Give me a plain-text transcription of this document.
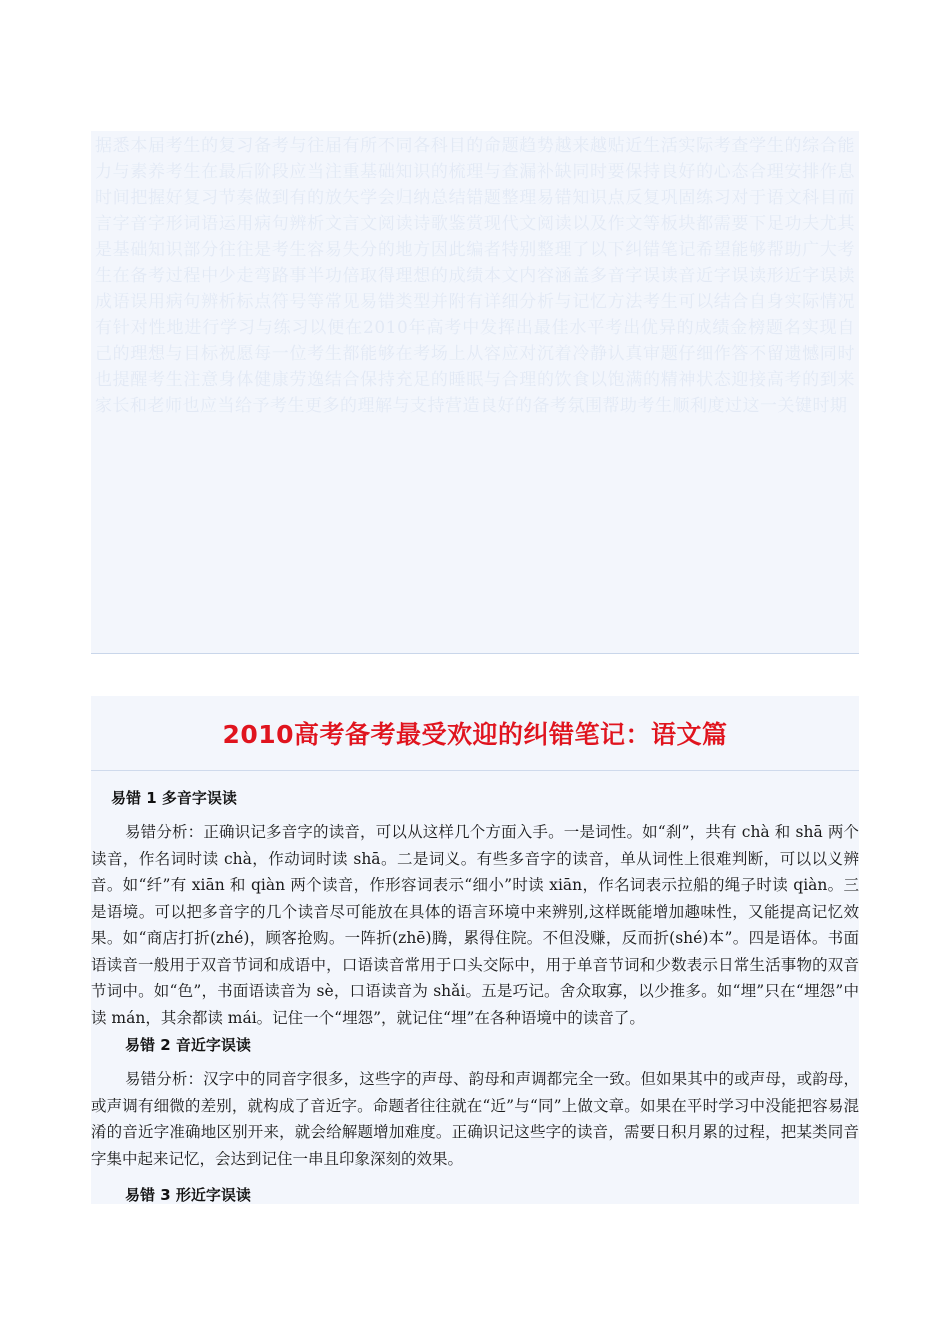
据悉本届考生的复习备考与往届有所不同各科目的命题趋势越来越贴近生活实际考查学生的综合能力与素养考生在最后阶段应当注重基础知识的梳理与查漏补缺同时要保持良好的心态合理安排作息时间把握好复习节奏做到有的放矢学会归纳总结错题整理易错知识点反复巩固练习对于语文科目而言字音字形词语运用病句辨析文言文阅读诗歌鉴赏现代文阅读以及作文等板块都需要下足功夫尤其是基础知识部分往往是考生容易失分的地方因此编者特别整理了以下纠错笔记希望能够帮助广大考生在备考过程中少走弯路事半功倍取得理想的成绩本文内容涵盖多音字误读音近字误读形近字误读成语误用病句辨析标点符号等常见易错类型并附有详细分析与记忆方法考生可以结合自身实际情况有针对性地进行学习与练习以便在2010年高考中发挥出最佳水平考出优异的成绩金榜题名实现自己的理想与目标祝愿每一位考生都能够在考场上从容应对沉着冷静认真审题仔细作答不留遗憾同时也提醒考生注意身体健康劳逸结合保持充足的睡眠与合理的饮食以饱满的精神状态迎接高考的到来家长和老师也应当给予考生更多的理解与支持营造良好的备考氛围帮助考生顺利度过这一关键时期
2010高考备考最受欢迎的纠错笔记：语文篇
易错 1 多音字误读
易错分析：正确识记多音字的读音，可以从这样几个方面入手。一是词性。如“刹”，共有 chà 和 shā 两个读音，作名词时读 chà，作动词时读 shā。二是词义。有些多音字的读音，单从词性上很难判断，可以以义辨音。如“纤”有 xiān 和 qiàn 两个读音，作形容词表示“细小”时读 xiān，作名词表示拉船的绳子时读 qiàn。三是语境。可以把多音字的几个读音尽可能放在具体的语言环境中来辨别,这样既能增加趣味性，又能提高记忆效果。如“商店打折(zhé)，顾客抢购。一阵折(zhē)腾，累得住院。不但没赚，反而折(shé)本”。四是语体。书面语读音一般用于双音节词和成语中，口语读音常用于口头交际中，用于单音节词和少数表示日常生活事物的双音节词中。如“色”，书面语读音为 sè，口语读音为 shǎi。五是巧记。舍众取寡，以少推多。如“埋”只在“埋怨”中读 mán，其余都读 mái。记住一个“埋怨”，就记住“埋”在各种语境中的读音了。
易错 2 音近字误读
易错分析：汉字中的同音字很多，这些字的声母、韵母和声调都完全一致。但如果其中的或声母，或韵母，或声调有细微的差别，就构成了音近字。命题者往往就在“近”与“同”上做文章。如果在平时学习中没能把容易混淆的音近字准确地区别开来，就会给解题增加难度。正确识记这些字的读音，需要日积月累的过程，把某类同音字集中起来记忆，会达到记住一串且印象深刻的效果。
易错 3 形近字误读
